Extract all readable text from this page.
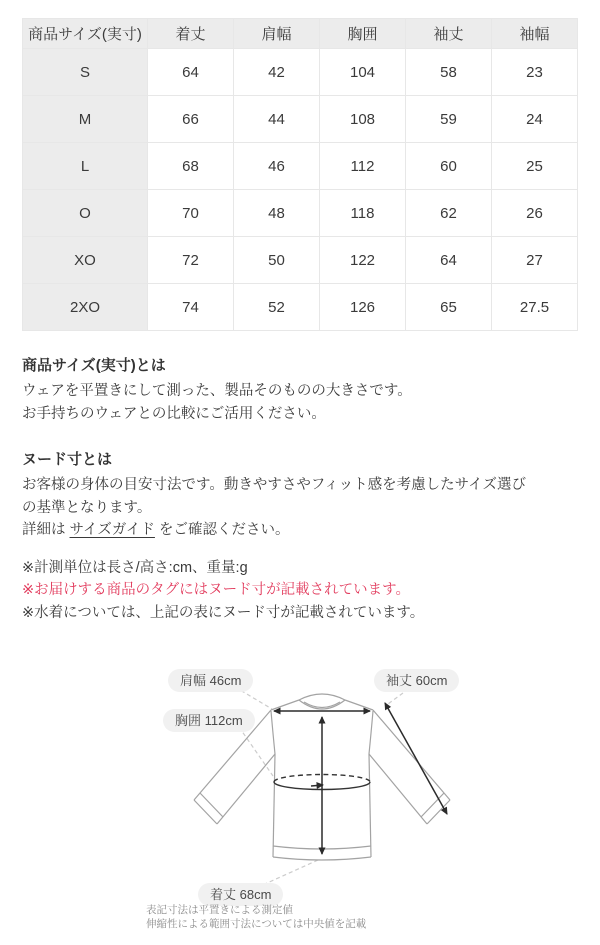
商品サイズ(実寸)	着丈	肩幅	胸囲	袖丈	袖幅
S	64	42	104	58	23
M	66	44	108	59	24
L	68	46	112	60	25
O	70	48	118	62	26
XO	72	50	122	64	27
2XO	74	52	126	65	27.5
商品サイズ(実寸)とは

ウェアを平置きにして測った、製品そのものの大きさです。

お手持ちのウェアとの比較にご活用ください。

ヌード寸とは

お客様の身体の目安寸法です。動きやすさやフィット感を考慮したサイズ選び

の基準となります。

詳細は サイズガイド をご確認ください。

※計測単位は長さ/高さ:cm、重量:g

※お届けする商品のタグにはヌード寸が記載されています。

※水着については、上記の表にヌード寸が記載されています。

肩幅 46cm	袖丈 60cm
胸囲 112cm
着丈 68cm
表記寸法は平置きによる測定値
伸縮性による範囲寸法については中央値を記載
